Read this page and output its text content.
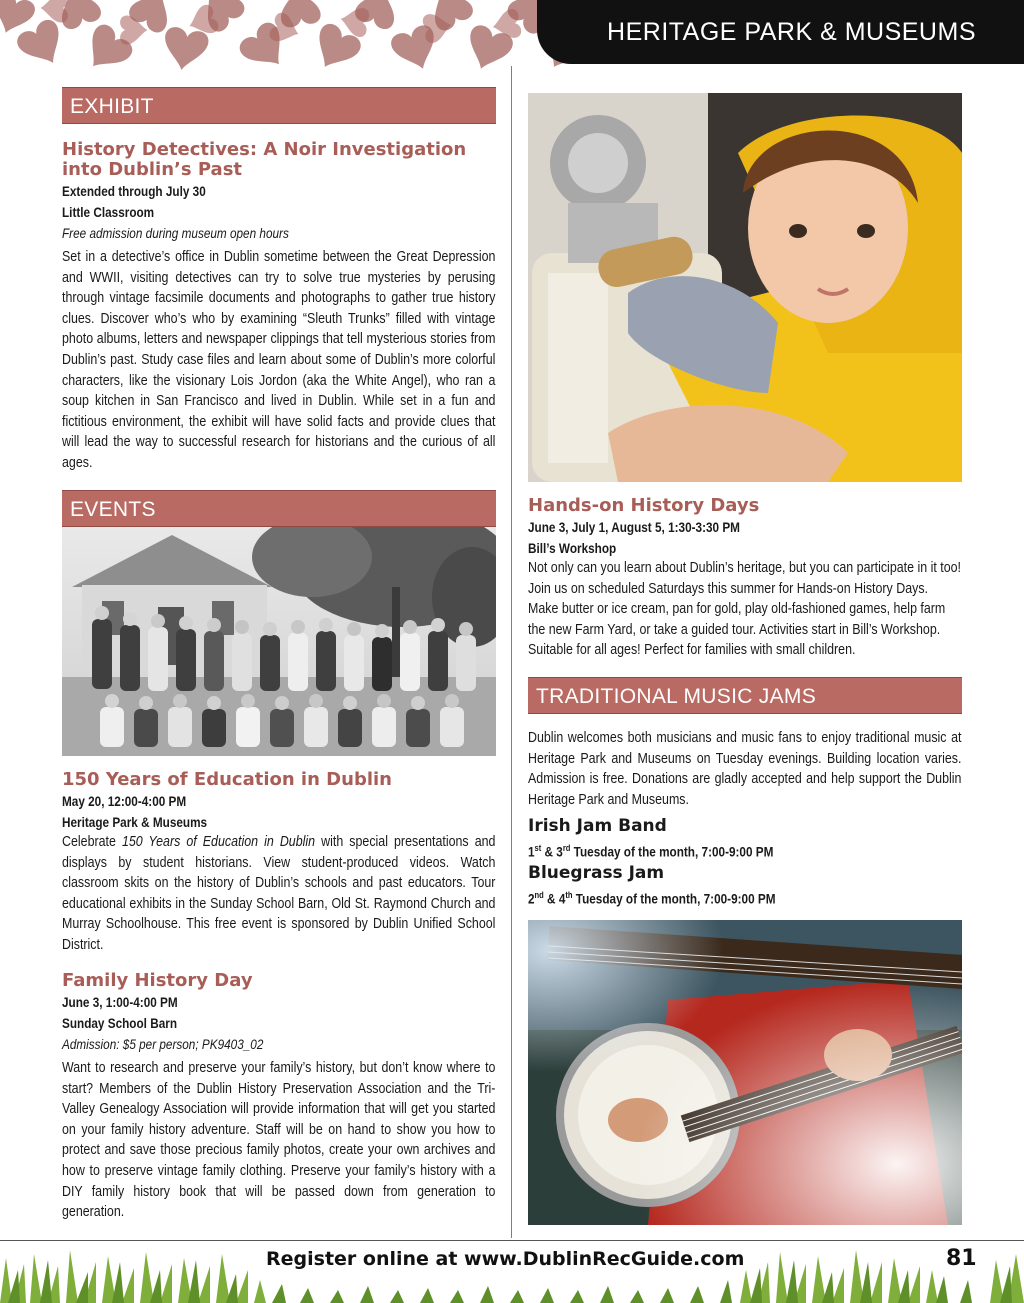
HERITAGE PARK & MUSEUMS
EXHIBIT
History Detectives: A Noir Investigation
into Dublin’s Past
Extended through July 30
Little Classroom
Free admission during museum open hours
Set in a detective’s office in Dublin sometime between the Great Depression and WWII, visiting detectives can try to solve true mysteries by perusing through vintage facsimile documents and photographs to gather true history clues. Discover who’s who by examining “Sleuth Trunks” filled with vintage photo albums, letters and newspaper clippings that tell mysterious stories from Dublin’s past. Study case files and learn about some of Dublin’s more colorful characters, like the visionary Lois Jordon (aka the White Angel), who ran a soup kitchen in San Francisco and lived in Dublin. While set in a fun and fictitious environment, the exhibit will have solid facts and provide clues that will lead the way to successful research for historians and the curious of all ages.
EVENTS
150 Years of Education in Dublin
May 20, 12:00-4:00 PM
Heritage Park & Museums
Celebrate 150 Years of Education in Dublin with special presentations and displays by student historians. View student-produced videos. Watch classroom skits on the history of Dublin’s schools and past educators. Tour educational exhibits in the Sunday School Barn, Old St. Raymond Church and Murray Schoolhouse. This free event is sponsored by Dublin Unified School District.
Family History Day
June 3, 1:00-4:00 PM
Sunday School Barn
Admission: $5 per person; PK9403_02
Want to research and preserve your family’s history, but don’t know where to start? Members of the Dublin History Preservation Association and the Tri-Valley Genealogy Association will provide information that will get you started on your family history adventure. Staff will be on hand to show you how to protect and save those precious family photos, create your own archives and how to preserve vintage family clothing. Preserve your family’s history with a DIY family history book that will be passed down from generation to generation.
Hands-on History Days
June 3, July 1, August 5, 1:30-3:30 PM
Bill’s Workshop
Not only can you learn about Dublin’s heritage, but you can participate in it too! Join us on scheduled Saturdays this summer for Hands-on History Days. Make butter or ice cream, pan for gold, play old-fashioned games, help farm the new Farm Yard, or take a guided tour. Activities start in Bill’s Workshop. Suitable for all ages! Perfect for families with small children.
TRADITIONAL MUSIC JAMS
Dublin welcomes both musicians and music fans to enjoy traditional music at Heritage Park and Museums on Tuesday evenings. Building location varies. Admission is free. Donations are gladly accepted and help support the Dublin Heritage Park and Museums.
Irish Jam Band
1st & 3rd Tuesday of the month, 7:00-9:00 PM
Bluegrass Jam
2nd & 4th Tuesday of the month, 7:00-9:00 PM
Register online at www.DublinRecGuide.com	81
